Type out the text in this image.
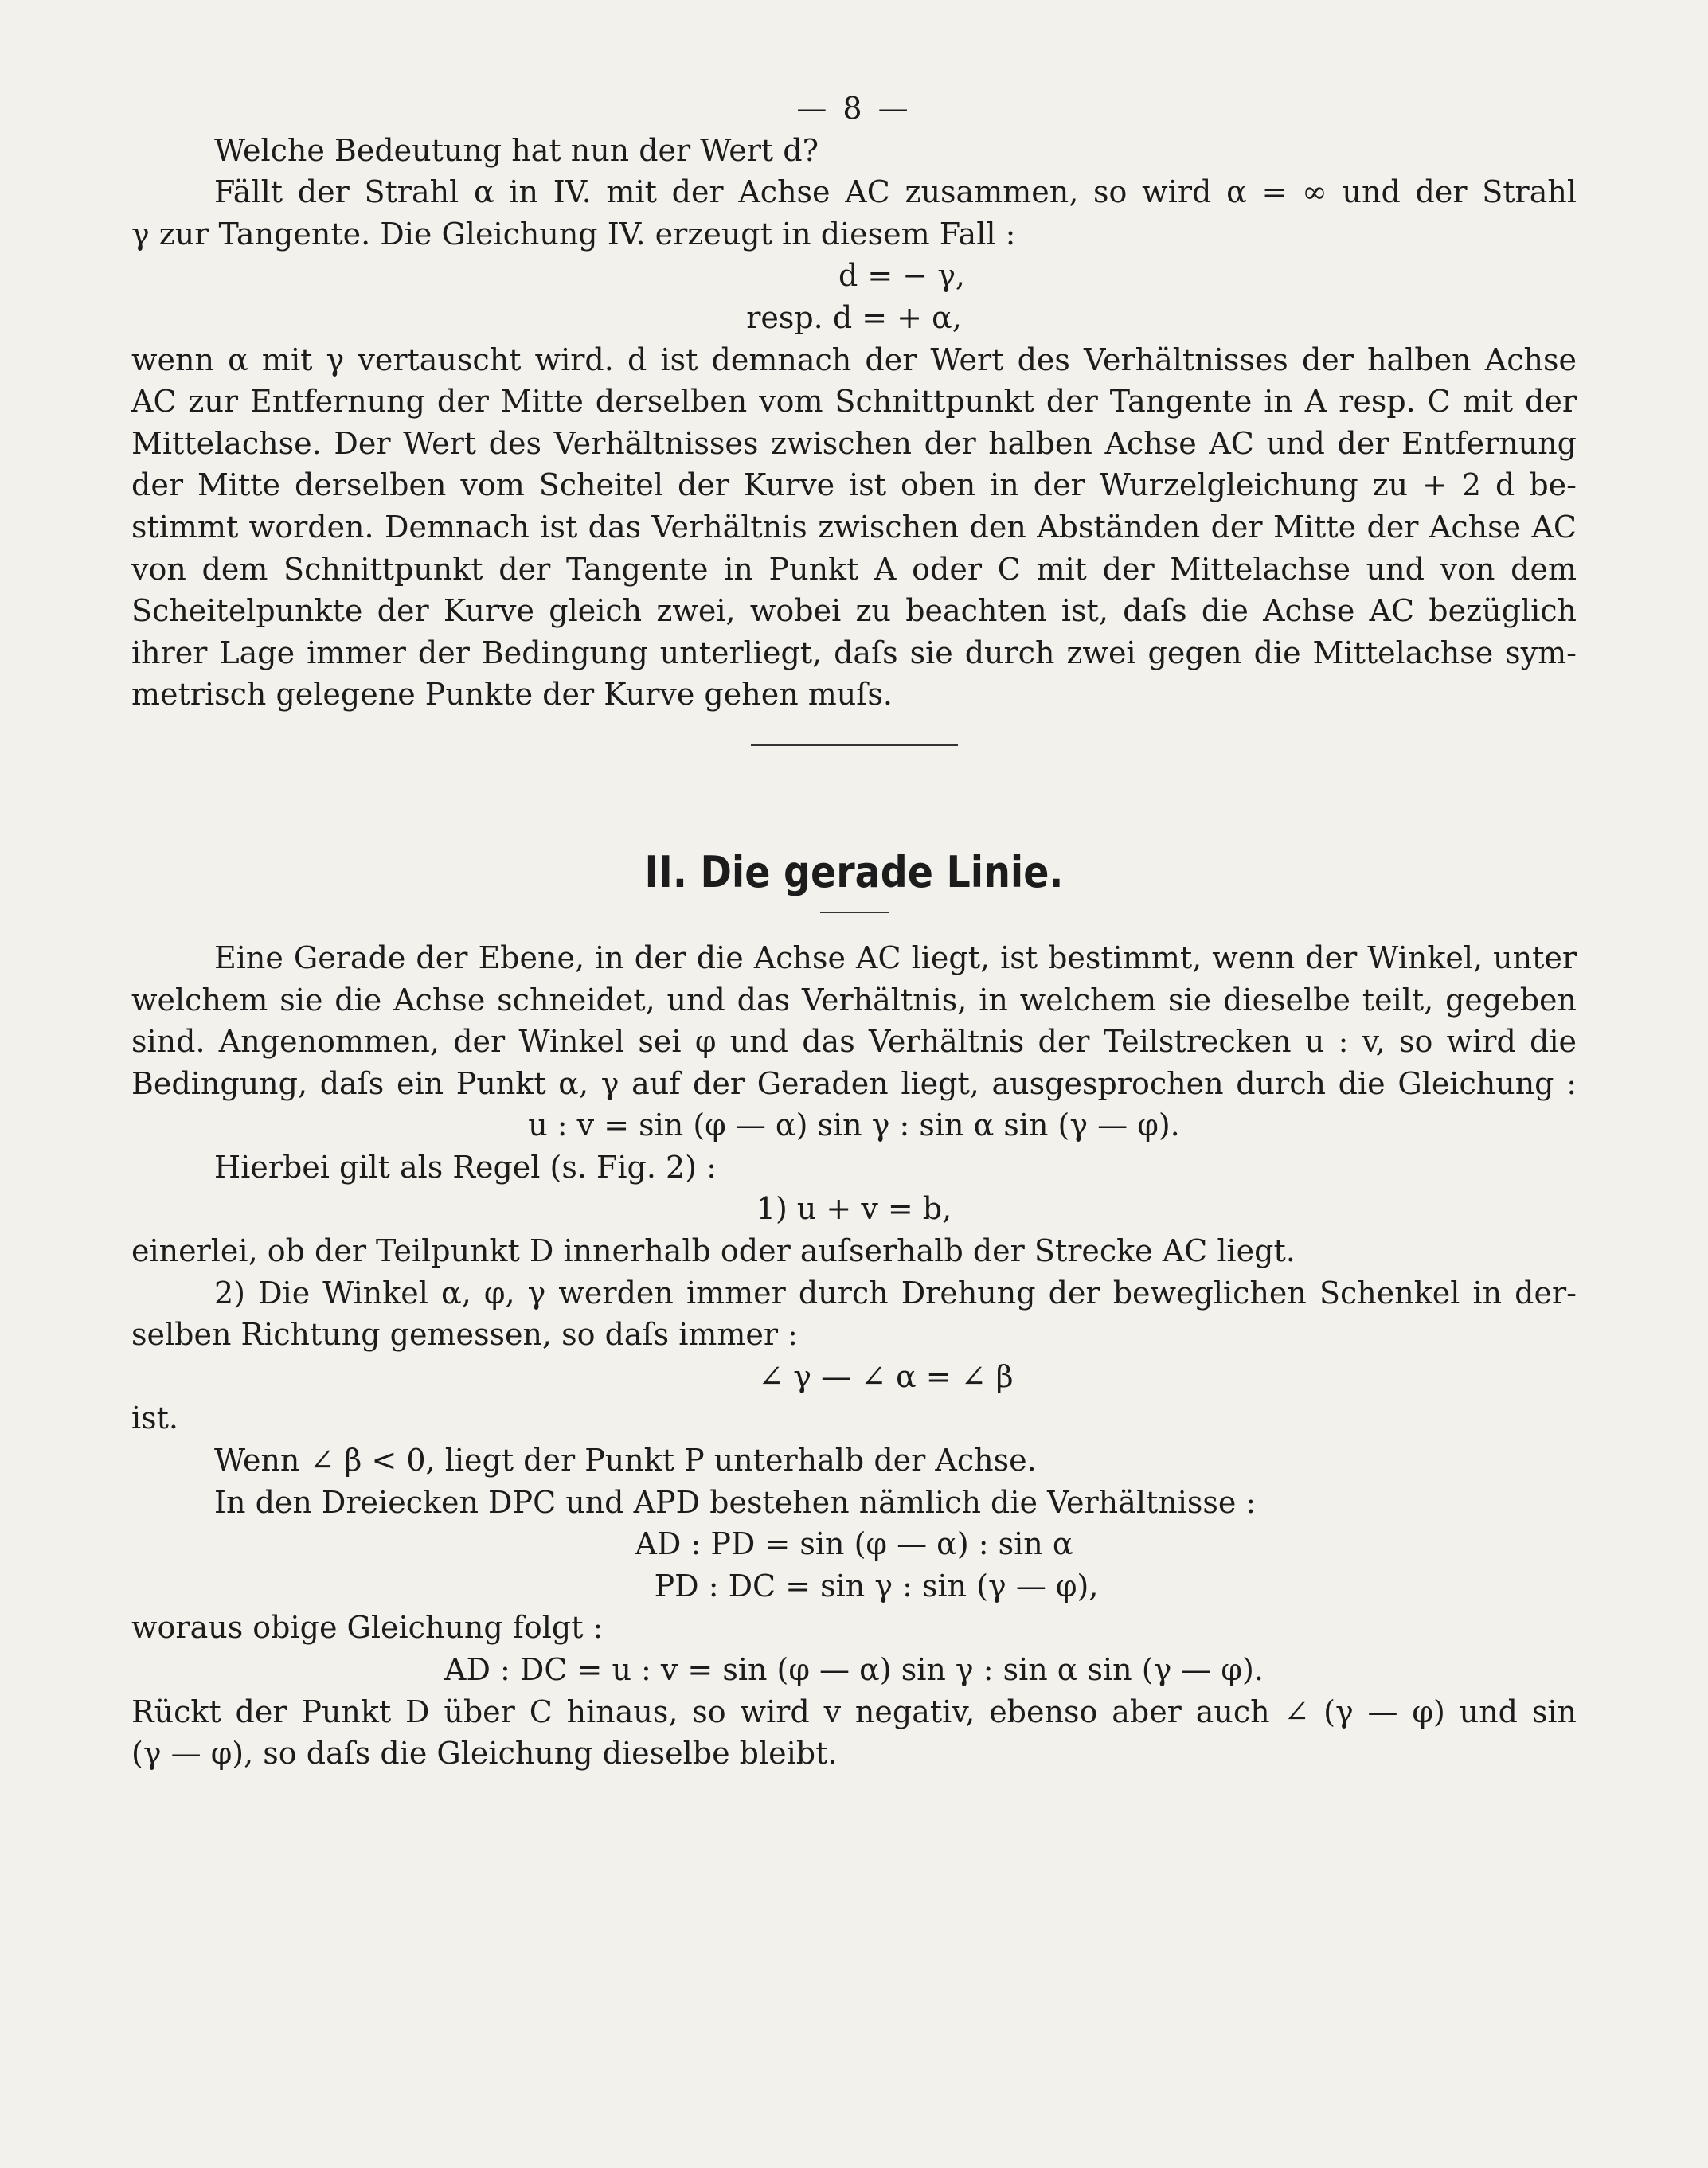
— 8 —
Welche Bedeutung hat nun der Wert d?
Fällt der Strahl α in IV. mit der Achse AC zusammen, so wird α = ∞ und der Strahl
γ zur Tangente. Die Gleichung IV. erzeugt in diesem Fall :
d = − γ,
resp. d = + α,
wenn α mit γ vertauscht wird. d ist demnach der Wert des Verhältnisses der halben Achse
AC zur Entfernung der Mitte derselben vom Schnittpunkt der Tangente in A resp. C mit der
Mittelachse. Der Wert des Verhältnisses zwischen der halben Achse AC und der Entfernung
der Mitte derselben vom Scheitel der Kurve ist oben in der Wurzelgleichung zu + 2 d be-
stimmt worden. Demnach ist das Verhältnis zwischen den Abständen der Mitte der Achse AC
von dem Schnittpunkt der Tangente in Punkt A oder C mit der Mittelachse und von dem
Scheitelpunkte der Kurve gleich zwei, wobei zu beachten ist, daſs die Achse AC bezüglich
ihrer Lage immer der Bedingung unterliegt, daſs sie durch zwei gegen die Mittelachse sym-
metrisch gelegene Punkte der Kurve gehen muſs.
II. Die gerade Linie.
Eine Gerade der Ebene, in der die Achse AC liegt, ist bestimmt, wenn der Winkel, unter
welchem sie die Achse schneidet, und das Verhältnis, in welchem sie dieselbe teilt, gegeben
sind. Angenommen, der Winkel sei φ und das Verhältnis der Teilstrecken u : v, so wird die
Bedingung, daſs ein Punkt α, γ auf der Geraden liegt, ausgesprochen durch die Gleichung :
u : v = sin (φ — α) sin γ : sin α sin (γ — φ).
Hierbei gilt als Regel (s. Fig. 2) :
1) u + v = b,
einerlei, ob der Teilpunkt D innerhalb oder auſserhalb der Strecke AC liegt.
2) Die Winkel α, φ, γ werden immer durch Drehung der beweglichen Schenkel in der-
selben Richtung gemessen, so daſs immer :
∠ γ — ∠ α = ∠ β
ist.
Wenn ∠ β < 0, liegt der Punkt P unterhalb der Achse.
In den Dreiecken DPC und APD bestehen nämlich die Verhältnisse :
AD : PD = sin (φ — α) : sin α
PD : DC = sin γ : sin (γ — φ),
woraus obige Gleichung folgt :
AD : DC = u : v = sin (φ — α) sin γ : sin α sin (γ — φ).
Rückt der Punkt D über C hinaus, so wird v negativ, ebenso aber auch ∠ (γ — φ) und sin
(γ — φ), so daſs die Gleichung dieselbe bleibt.
